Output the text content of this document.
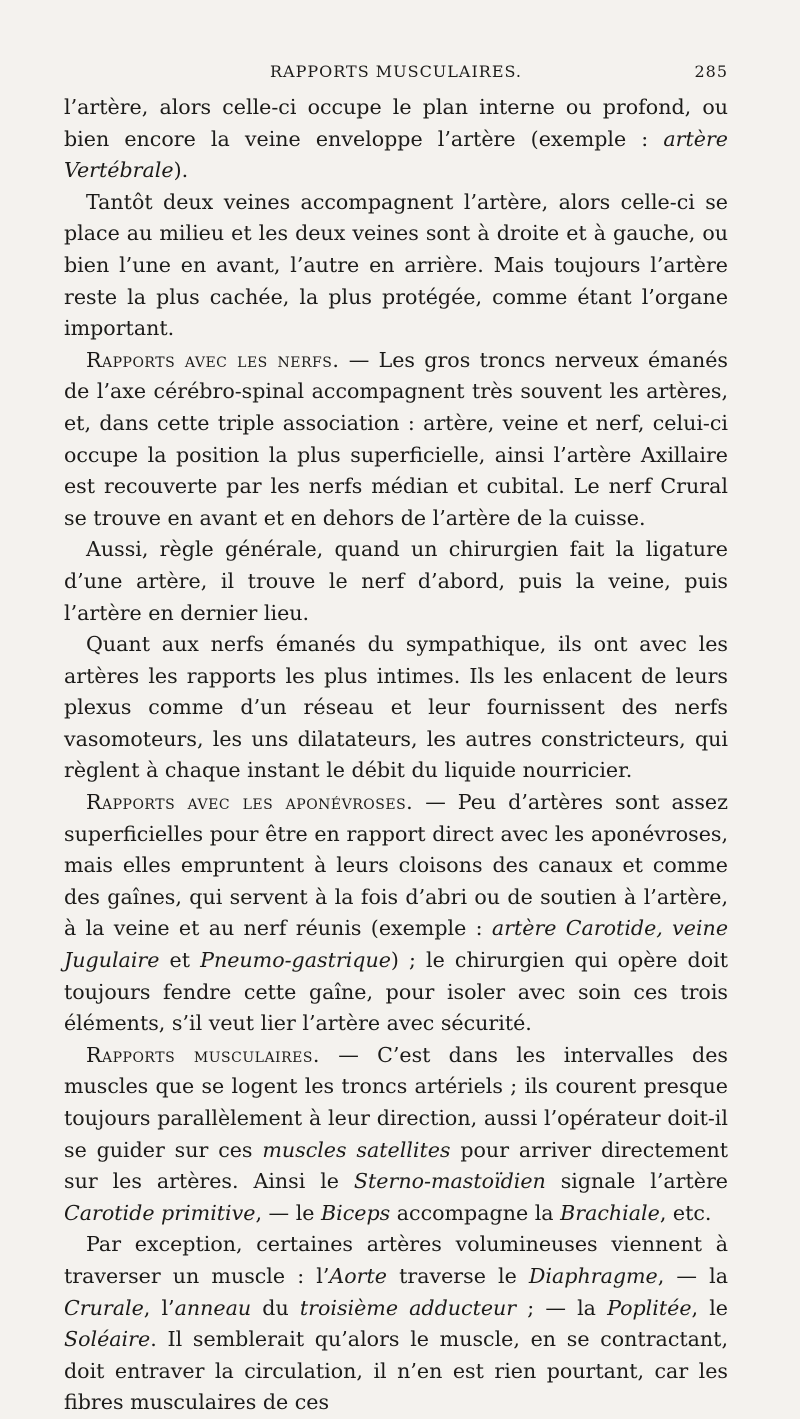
RAPPORTS MUSCULAIRES.	285

l’artère, alors celle-ci occupe le plan interne ou profond, ou bien encore la veine enveloppe l’artère (exemple : artère Vertébrale).

Tantôt deux veines accompagnent l’artère, alors celle-ci se place au milieu et les deux veines sont à droite et à gauche, ou bien l’une en avant, l’autre en arrière. Mais toujours l’artère reste la plus cachée, la plus protégée, comme étant l’organe important.

Rapports avec les nerfs. — Les gros troncs nerveux émanés de l’axe cérébro-spinal accompagnent très souvent les artères, et, dans cette triple association : artère, veine et nerf, celui-ci occupe la position la plus superficielle, ainsi l’artère Axillaire est recouverte par les nerfs médian et cubital. Le nerf Crural se trouve en avant et en dehors de l’artère de la cuisse.

Aussi, règle générale, quand un chirurgien fait la ligature d’une artère, il trouve le nerf d’abord, puis la veine, puis l’artère en dernier lieu.

Quant aux nerfs émanés du sympathique, ils ont avec les artères les rapports les plus intimes. Ils les enlacent de leurs plexus comme d’un réseau et leur fournissent des nerfs vasomoteurs, les uns dilatateurs, les autres constricteurs, qui règlent à chaque instant le débit du liquide nourricier.

Rapports avec les aponévroses. — Peu d’artères sont assez superficielles pour être en rapport direct avec les aponévroses, mais elles empruntent à leurs cloisons des canaux et comme des gaînes, qui servent à la fois d’abri ou de soutien à l’artère, à la veine et au nerf réunis (exemple : artère Carotide, veine Jugulaire et Pneumo-gastrique) ; le chirurgien qui opère doit toujours fendre cette gaîne, pour isoler avec soin ces trois éléments, s’il veut lier l’artère avec sécurité.

Rapports musculaires. — C’est dans les intervalles des muscles que se logent les troncs artériels ; ils courent presque toujours parallèlement à leur direction, aussi l’opérateur doit-il se guider sur ces muscles satellites pour arriver directement sur les artères. Ainsi le Sterno-mastoïdien signale l’artère Carotide primitive, — le Biceps accompagne la Brachiale, etc.

Par exception, certaines artères volumineuses viennent à traverser un muscle : l’Aorte traverse le Diaphragme, — la Crurale, l’anneau du troisième adducteur ; — la Poplitée, le Soléaire. Il semblerait qu’alors le muscle, en se contractant, doit entraver la circulation, il n’en est rien pourtant, car les fibres musculaires de ces
